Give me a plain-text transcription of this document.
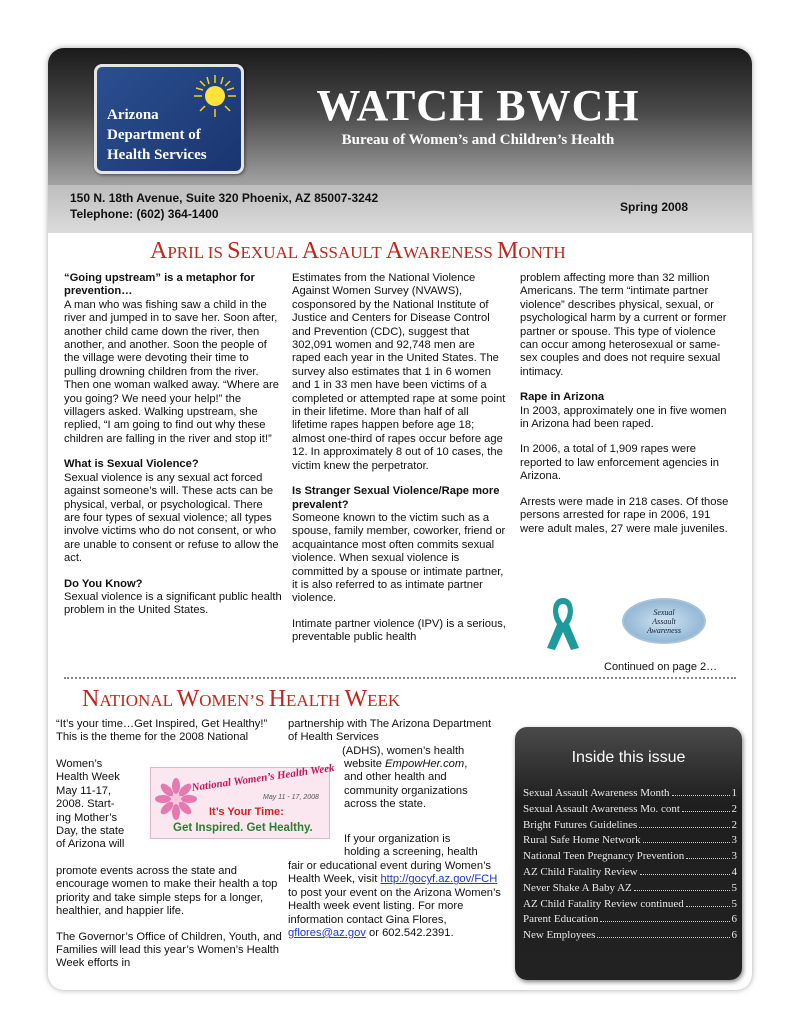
Arizona
Department of
Health Services
WATCH BWCH
Bureau of Women’s and Children’s Health
150 N. 18th Avenue, Suite 320 Phoenix, AZ 85007-3242
Telephone: (602) 364-1400	Spring 2008
APRIL IS SEXUAL ASSAULT AWARENESS MONTH

“Going upstream” is a metaphor for prevention…

A man who was fishing saw a child in the river and jumped in to save her. Soon after, another child came down the river, then another, and another. Soon the people of the village were devoting their time to pulling drowning children from the river. Then one woman walked away. “Where are you going? We need your help!” the villagers asked. Walking upstream, she replied, “I am going to find out why these children are falling in the river and stop it!”

What is Sexual Violence?

Sexual violence is any sexual act forced against someone’s will. These acts can be physical, verbal, or psychological. There are four types of sexual violence; all types involve victims who do not consent, or who are unable to consent or refuse to allow the act.

Do You Know?

Sexual violence is a significant public health problem in the United States.

Estimates from the National Violence Against Women Survey (NVAWS), cosponsored by the National Institute of Justice and Centers for Disease Control and Prevention (CDC), suggest that 302,091 women and 92,748 men are raped each year in the United States. The survey also estimates that 1 in 6 women and 1 in 33 men have been victims of a completed or attempted rape at some point in their lifetime. More than half of all lifetime rapes happen before age 18; almost one-third of rapes occur before age 12. In approximately 8 out of 10 cases, the victim knew the perpetrator.

Is Stranger Sexual Violence/Rape more prevalent?

Someone known to the victim such as a spouse, family member, coworker, friend or acquaintance most often commits sexual violence. When sexual violence is committed by a spouse or intimate partner, it is also referred to as intimate partner violence.

Intimate partner violence (IPV) is a serious, preventable public health

problem affecting more than 32 million Americans. The term “intimate partner violence” describes physical, sexual, or psychological harm by a current or former partner or spouse. This type of violence can occur among heterosexual or same-sex couples and does not require sexual intimacy.

Rape in Arizona

In 2003, approximately one in five women in Arizona had been raped.

In 2006, a total of 1,909 rapes were reported to law enforcement agencies in Arizona.

Arrests were made in 218 cases. Of those persons arrested for rape in 2006, 191 were adult males, 27 were male juveniles.

Sexual
Assault
Awareness
Continued on page 2…
NATIONAL WOMEN’S HEALTH WEEK

“It’s your time…Get Inspired, Get Healthy!” This is the theme for the 2008 National

Women’s
Health Week
May 11-17,
2008. Start-
ing Mother’s
Day, the state
of Arizona will

promote events across the state and encourage women to make their health a top priority and take simple steps for a longer, healthier, and happier life.

The Governor’s Office of Children, Youth, and Families will lead this year’s Women’s Health Week efforts in

National Women’s Health Week
May 11 - 17, 2008
It’s Your Time:
Get Inspired. Get Healthy.

partnership with The Arizona Department of Health Services

(ADHS), women’s health
website EmpowHer.com,
and other health and
community organizations
across the state.
If your organization is
holding a screening, health

fair or educational event during Women’s Health Week, visit http://gocyf.az.gov/FCH to post your event on the Arizona Women’s Health week event listing. For more information contact Gina Flores, gflores@az.gov or 602.542.2391.

Inside this issue
Sexual Assault Awareness Month	1
Sexual Assault Awareness Mo. cont	2
Bright Futures Guidelines	2
Rural Safe Home Network	3
National Teen Pregnancy Prevention	3
AZ Child Fatality Review	4
Never Shake A Baby AZ	5
AZ Child Fatality Review continued	5
Parent Education	6
New Employees	6
